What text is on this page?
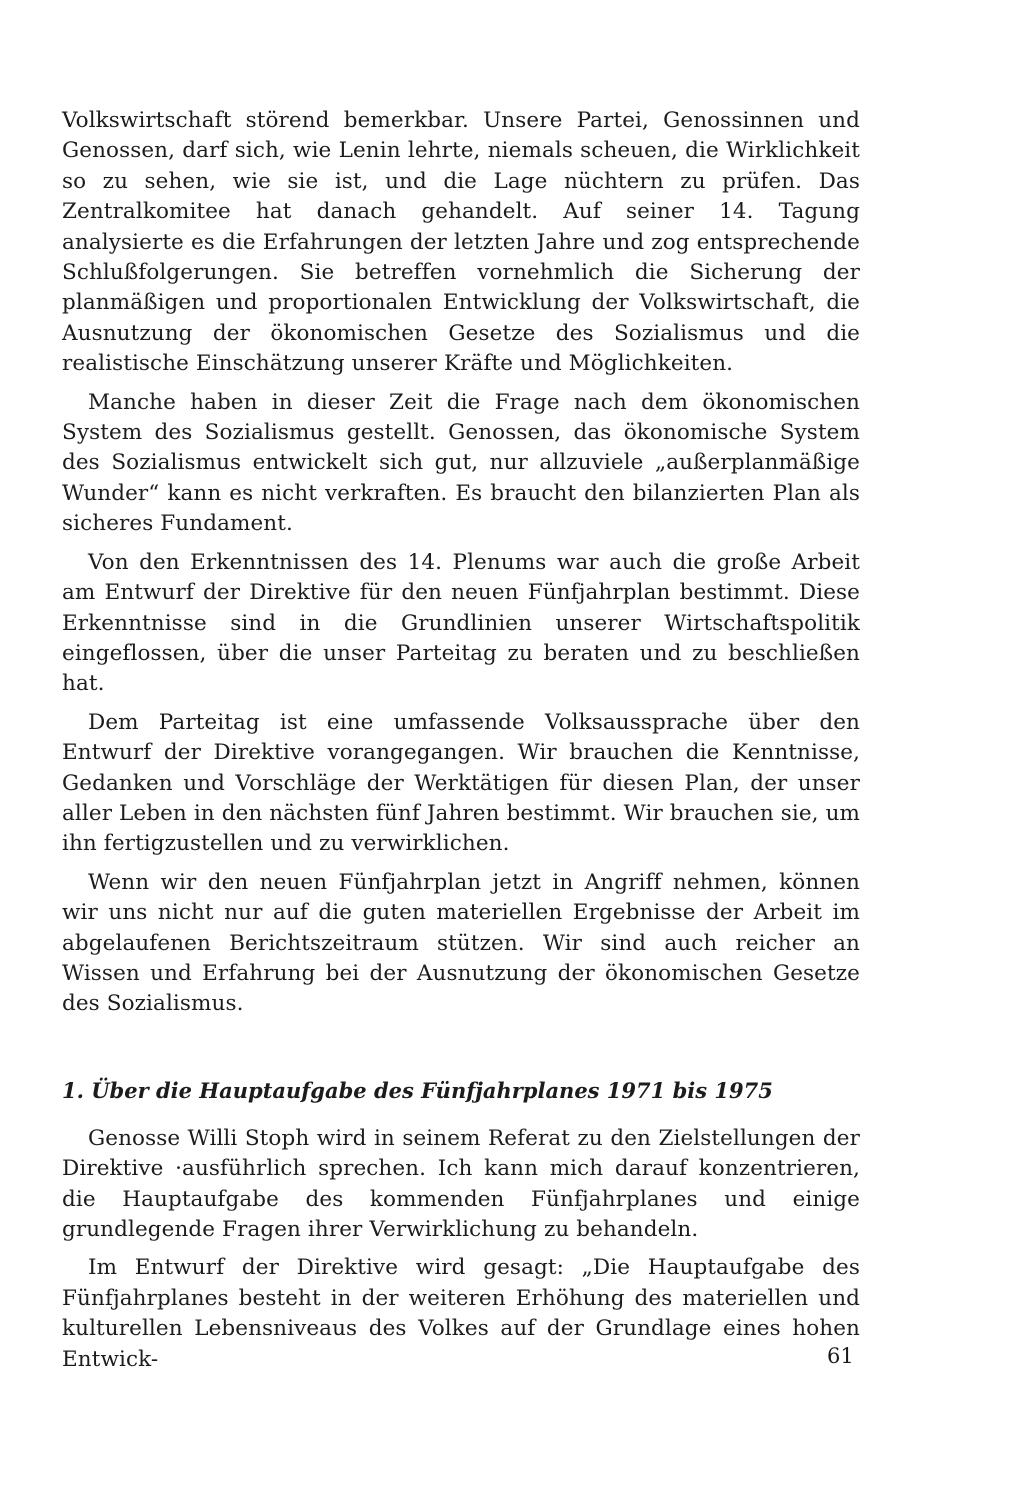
Volkswirtschaft störend bemerkbar. Unsere Partei, Genossinnen und Genossen, darf sich, wie Lenin lehrte, niemals scheuen, die Wirklichkeit so zu sehen, wie sie ist, und die Lage nüchtern zu prüfen. Das Zentralkomitee hat danach gehandelt. Auf seiner 14. Tagung analysierte es die Erfahrungen der letzten Jahre und zog entsprechende Schlußfolgerungen. Sie betreffen vornehmlich die Sicherung der planmäßigen und proportionalen Entwicklung der Volkswirtschaft, die Ausnutzung der ökonomischen Gesetze des Sozialismus und die realistische Einschätzung unserer Kräfte und Möglichkeiten.

Manche haben in dieser Zeit die Frage nach dem ökonomischen System des Sozialismus gestellt. Genossen, das ökonomische System des Sozialismus entwickelt sich gut, nur allzuviele „außerplanmäßige Wunder“ kann es nicht verkraften. Es braucht den bilanzierten Plan als sicheres Fundament.

Von den Erkenntnissen des 14. Plenums war auch die große Arbeit am Entwurf der Direktive für den neuen Fünfjahrplan bestimmt. Diese Erkenntnisse sind in die Grundlinien unserer Wirtschaftspolitik eingeflossen, über die unser Parteitag zu beraten und zu beschließen hat.

Dem Parteitag ist eine umfassende Volksaussprache über den Entwurf der Direktive vorangegangen. Wir brauchen die Kenntnisse, Gedanken und Vorschläge der Werktätigen für diesen Plan, der unser aller Leben in den nächsten fünf Jahren bestimmt. Wir brauchen sie, um ihn fertigzustellen und zu verwirklichen.

Wenn wir den neuen Fünfjahrplan jetzt in Angriff nehmen, können wir uns nicht nur auf die guten materiellen Ergebnisse der Arbeit im abgelaufenen Berichtszeitraum stützen. Wir sind auch reicher an Wissen und Erfahrung bei der Ausnutzung der ökonomischen Gesetze des Sozialismus.

1. Über die Hauptaufgabe des Fünfjahrplanes 1971 bis 1975

Genosse Willi Stoph wird in seinem Referat zu den Zielstellungen der Direktive ·ausführlich sprechen. Ich kann mich darauf konzentrieren, die Hauptaufgabe des kommenden Fünfjahrplanes und einige grundlegende Fragen ihrer Verwirklichung zu behandeln.

Im Entwurf der Direktive wird gesagt: „Die Hauptaufgabe des Fünfjahrplanes besteht in der weiteren Erhöhung des materiellen und kulturellen Lebensniveaus des Volkes auf der Grundlage eines hohen Entwick-	61
